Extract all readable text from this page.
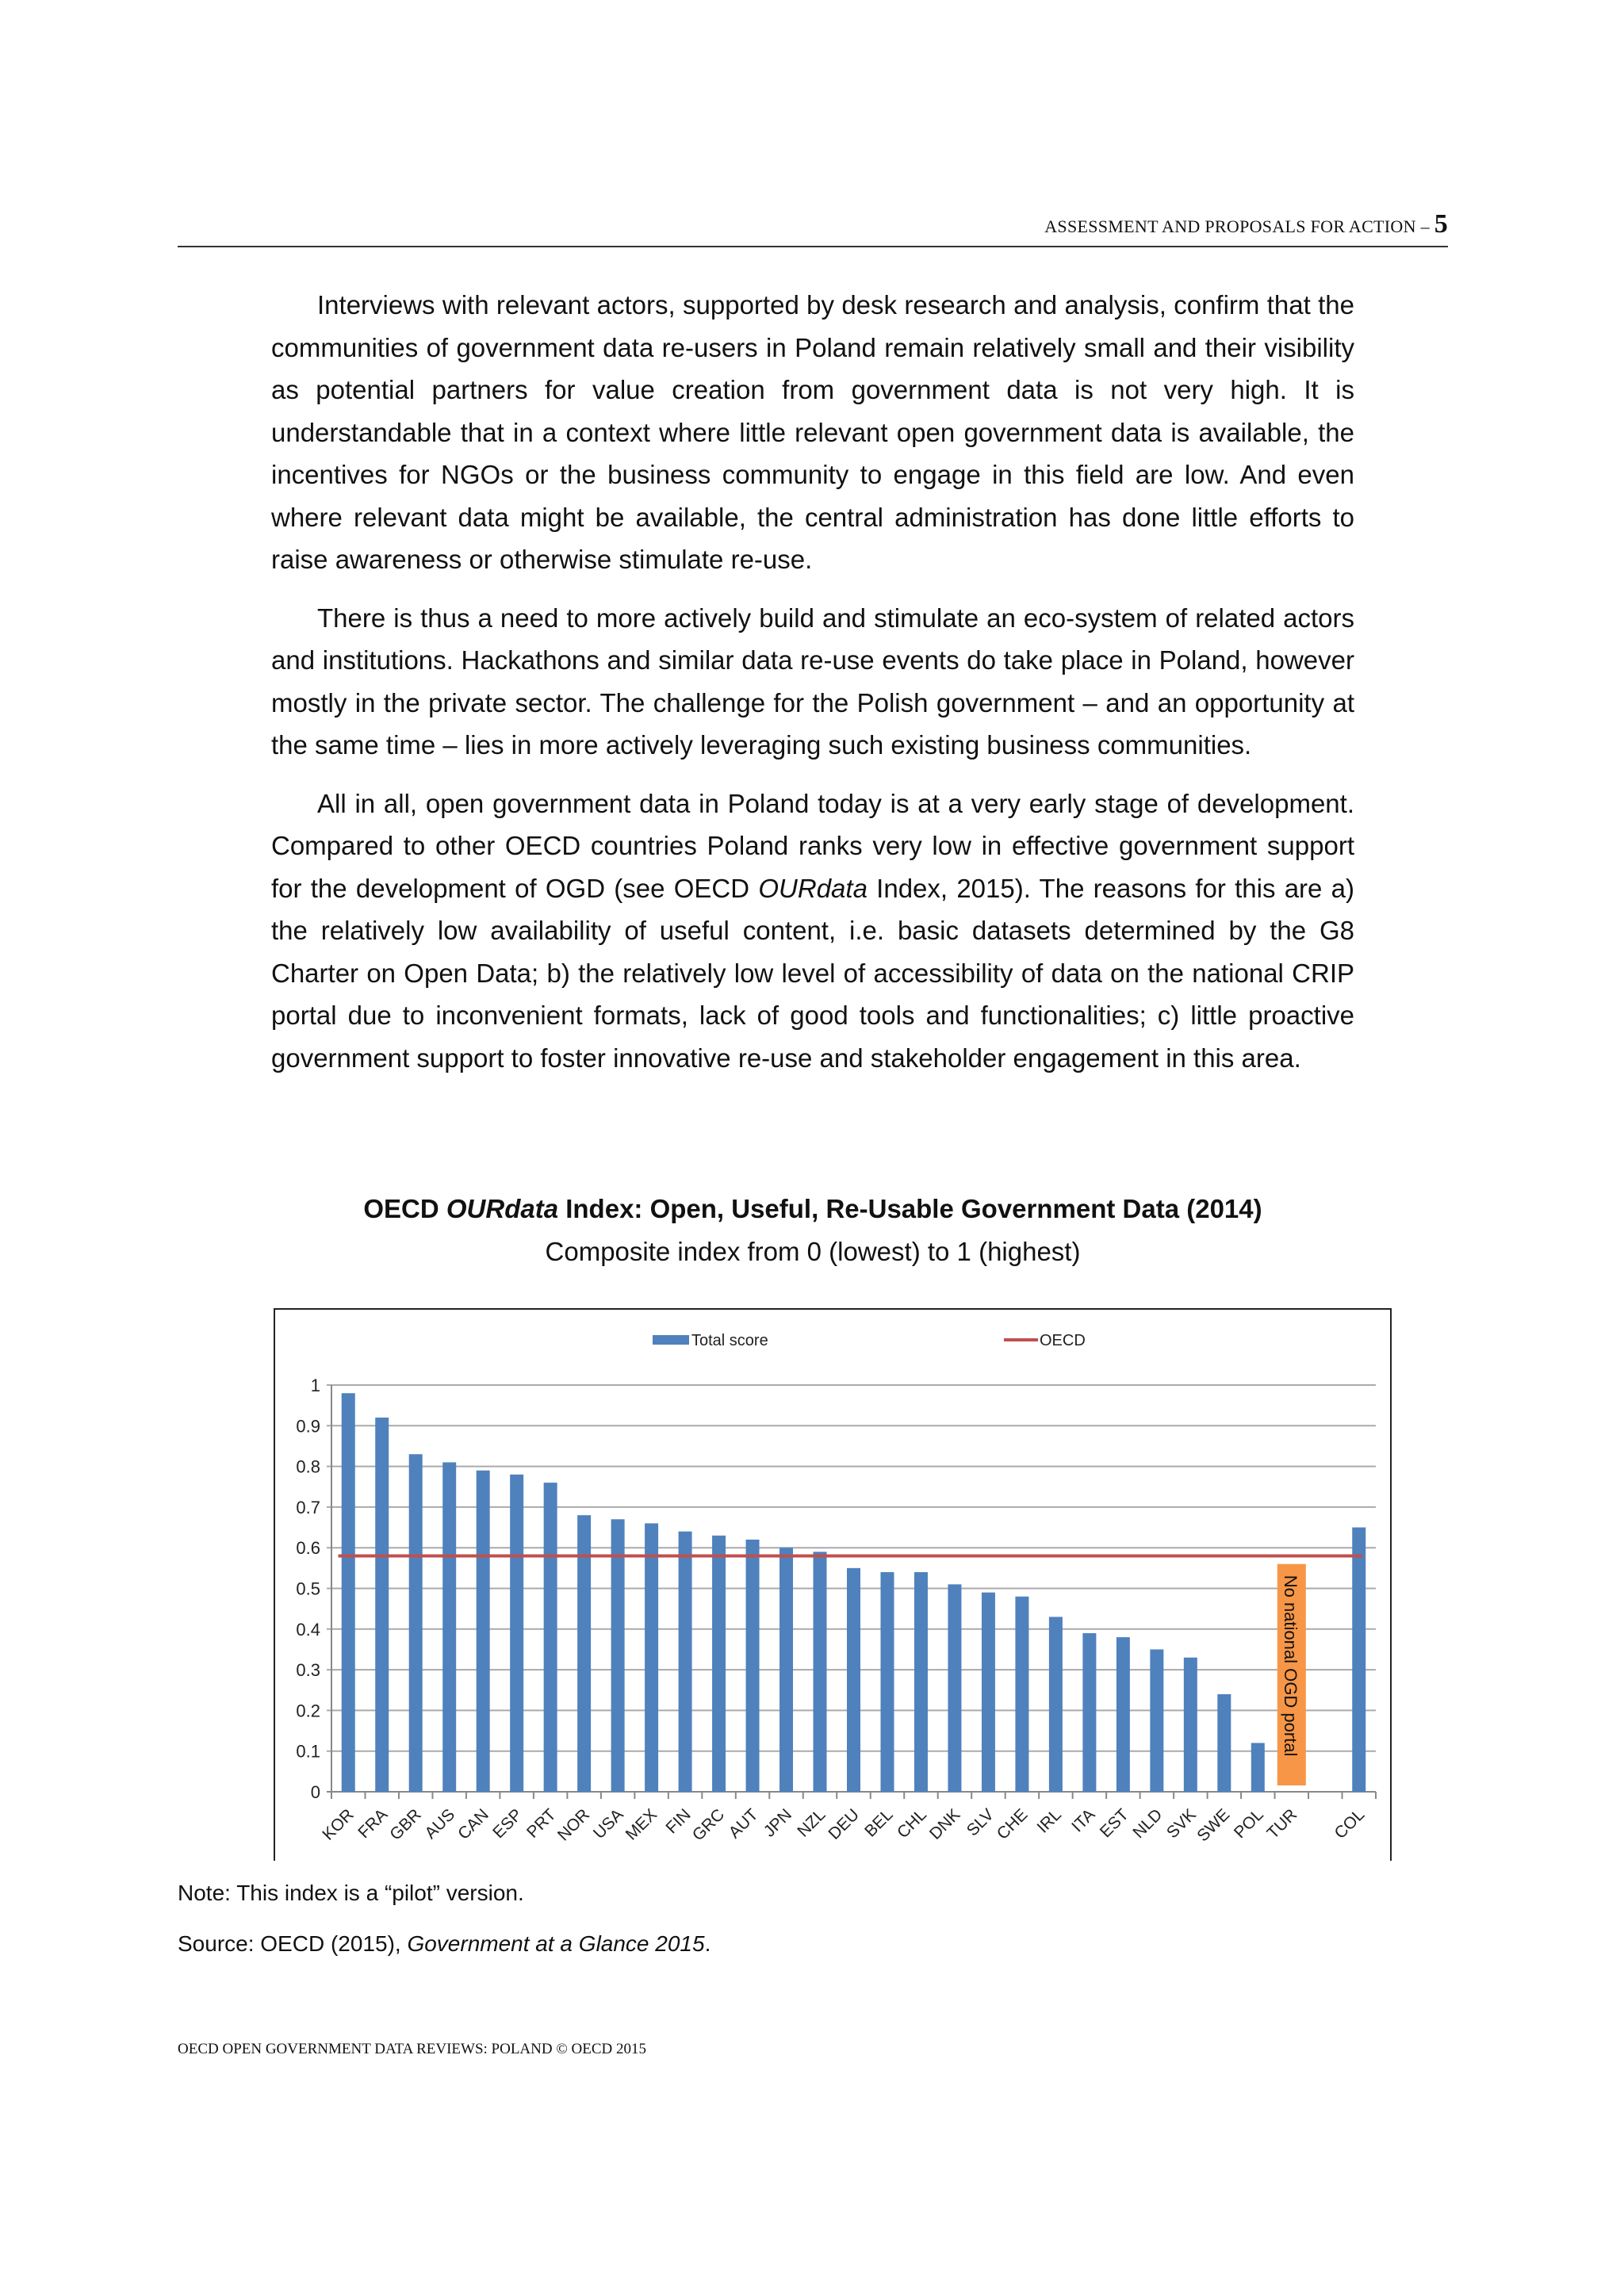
ASSESSMENT AND PROPOSALS FOR ACTION – 5

Interviews with relevant actors, supported by desk research and analysis, confirm that the communities of government data re-users in Poland remain relatively small and their visibility as potential partners for value creation from government data is not very high. It is understandable that in a context where little relevant open government data is available, the incentives for NGOs or the business community to engage in this field are low. And even where relevant data might be available, the central administration has done little efforts to raise awareness or otherwise stimulate re-use.

There is thus a need to more actively build and stimulate an eco-system of related actors and institutions. Hackathons and similar data re-use events do take place in Poland, however mostly in the private sector. The challenge for the Polish government – and an opportunity at the same time – lies in more actively leveraging such existing business communities.

All in all, open government data in Poland today is at a very early stage of development. Compared to other OECD countries Poland ranks very low in effective government support for the development of OGD (see OECD OURdata Index, 2015). The reasons for this are a) the relatively low availability of useful content, i.e. basic datasets determined by the G8 Charter on Open Data; b) the relatively low level of accessibility of data on the national CRIP portal due to inconvenient formats, lack of good tools and functionalities; c) little proactive government support to foster innovative re-use and stakeholder engagement in this area.

OECD OURdata Index: Open, Useful, Re-Usable Government Data (2014)
Composite index from 0 (lowest) to 1 (highest)
0
0.1
0.2
0.3
0.4
0.5
0.6
0.7
0.8
0.9
1
KOR
FRA
GBR
AUS
CAN
ESP
PRT
NOR
USA
MEX FIN
GRC
AUT
JPN
NZL
DEU
BEL
CHL
DNK SLV
CHE IRL ITA
EST
NLD
SVK
SWE
POL
TUR COL
No national OGD portal
Total score	OECD
Note: This index is a “pilot” version.
Source: OECD (2015), Government at a Glance 2015.
OECD OPEN GOVERNMENT DATA REVIEWS: POLAND © OECD 2015
